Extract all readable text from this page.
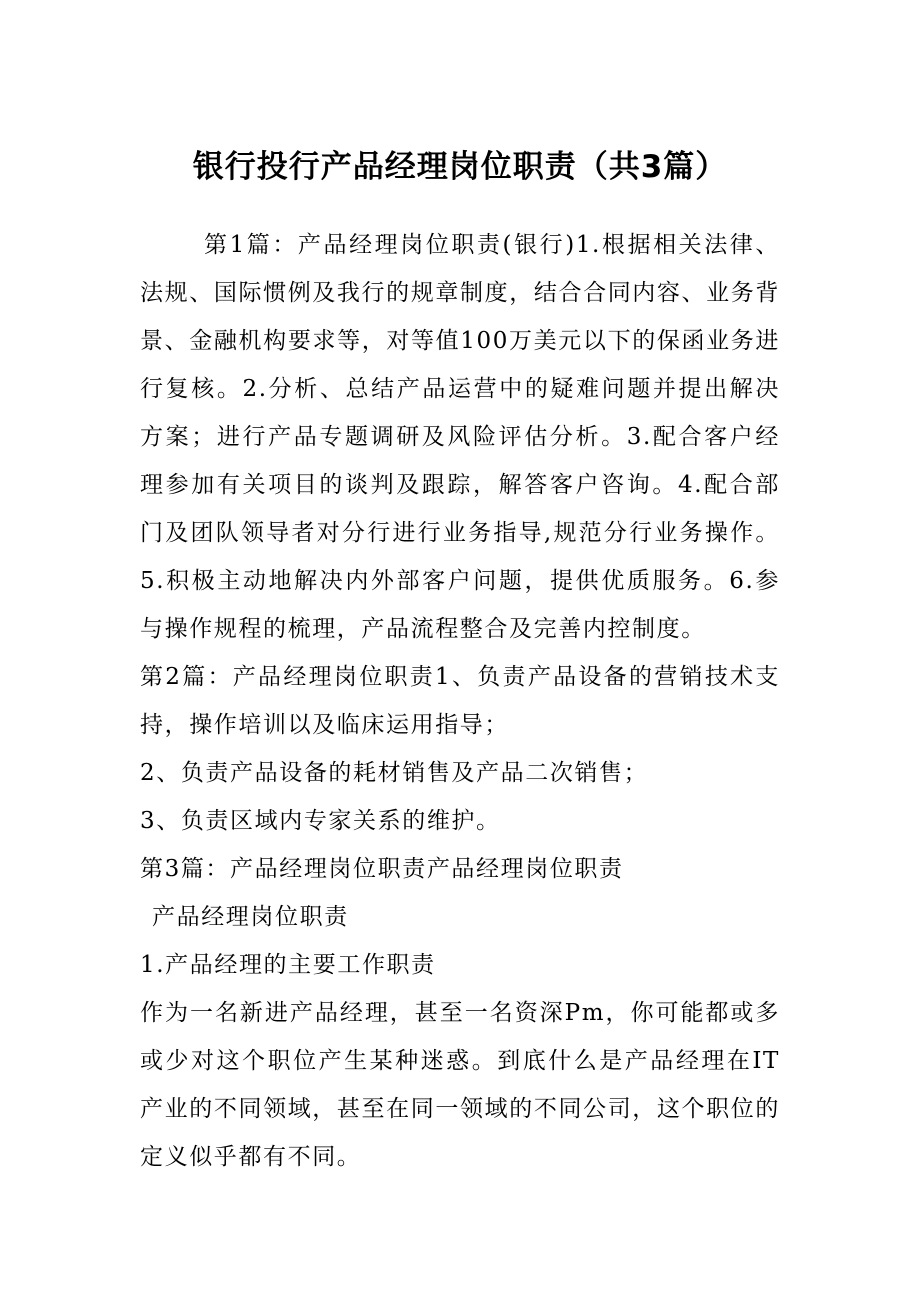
银行投行产品经理岗位职责（共3篇）

第1篇：产品经理岗位职责(银行)1.根据相关法律、法规、国际惯例及我行的规章制度，结合合同内容、业务背景、金融机构要求等，对等值100万美元以下的保函业务进行复核。2.分析、总结产品运营中的疑难问题并提出解决方案；进行产品专题调研及风险评估分析。3.配合客户经理参加有关项目的谈判及跟踪，解答客户咨询。4.配合部门及团队领导者对分行进行业务指导,规范分行业务操作。5.积极主动地解决内外部客户问题，提供优质服务。6.参与操作规程的梳理，产品流程整合及完善内控制度。

第2篇：产品经理岗位职责1、负责产品设备的营销技术支持，操作培训以及临床运用指导；

2、负责产品设备的耗材销售及产品二次销售；

3、负责区域内专家关系的维护。

第3篇：产品经理岗位职责产品经理岗位职责

产品经理岗位职责

1.产品经理的主要工作职责

作为一名新进产品经理，甚至一名资深Pm，你可能都或多或少对这个职位产生某种迷惑。到底什么是产品经理在IT产业的不同领域，甚至在同一领域的不同公司，这个职位的定义似乎都有不同。
